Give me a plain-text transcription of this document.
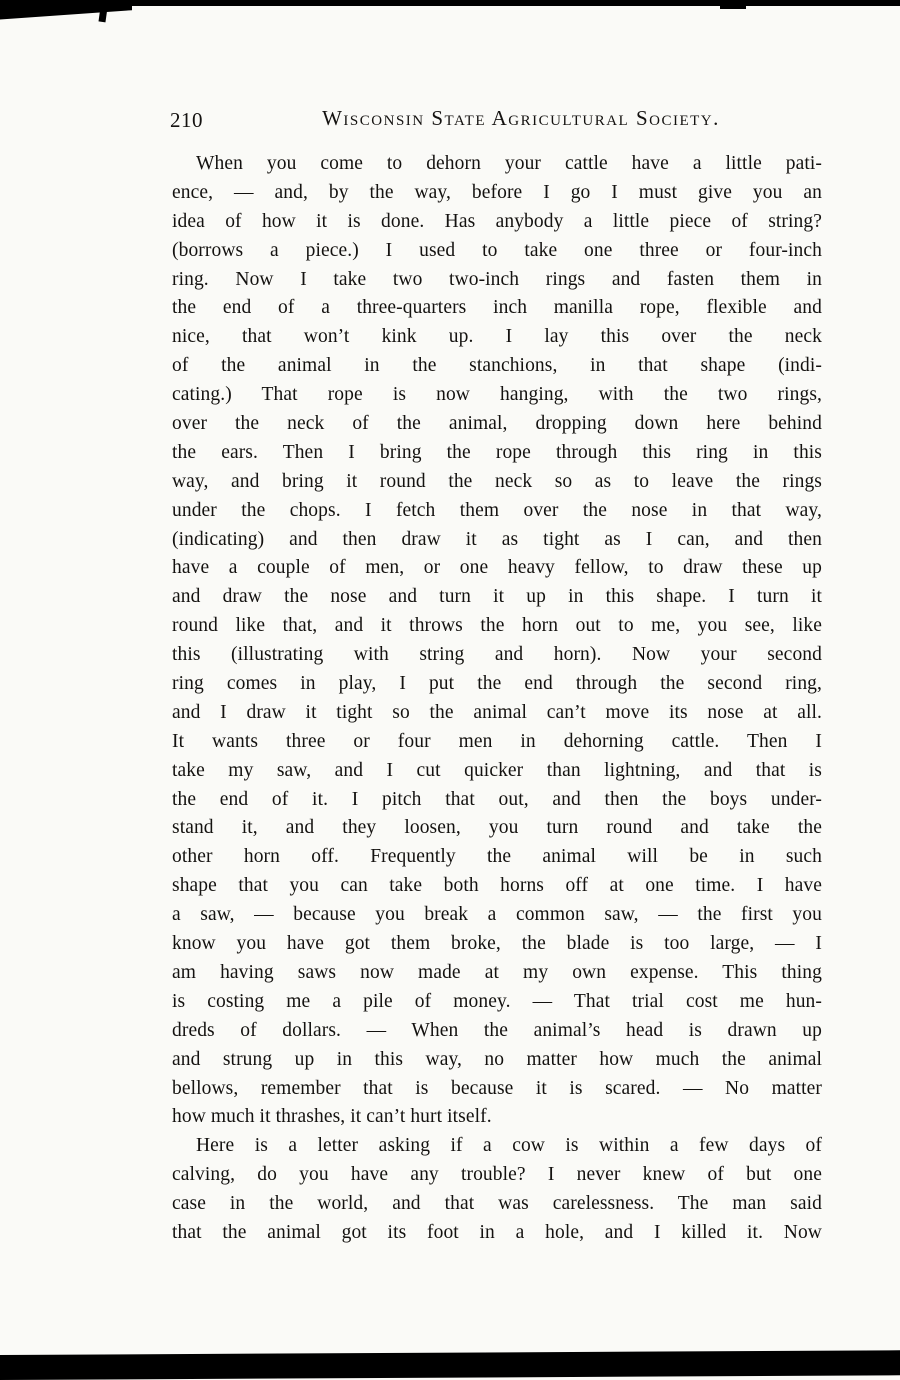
210	Wisconsin State Agricultural Society.
When you come to dehorn your cattle have a little pati-
ence, — and, by the way, before I go I must give you an
idea of how it is done. Has anybody a little piece of string?
(borrows a piece.) I used to take one three or four-inch
ring. Now I take two two-inch rings and fasten them in
the end of a three-quarters inch manilla rope, flexible and
nice, that won’t kink up. I lay this over the neck
of the animal in the stanchions, in that shape (indi-
cating.) That rope is now hanging, with the two rings,
over the neck of the animal, dropping down here behind
the ears. Then I bring the rope through this ring in this
way, and bring it round the neck so as to leave the rings
under the chops. I fetch them over the nose in that way,
(indicating) and then draw it as tight as I can, and then
have a couple of men, or one heavy fellow, to draw these up
and draw the nose and turn it up in this shape. I turn it
round like that, and it throws the horn out to me, you see, like
this (illustrating with string and horn). Now your second
ring comes in play, I put the end through the second ring,
and I draw it tight so the animal can’t move its nose at all.
It wants three or four men in dehorning cattle. Then I
take my saw, and I cut quicker than lightning, and that is
the end of it. I pitch that out, and then the boys under-
stand it, and they loosen, you turn round and take the
other horn off. Frequently the animal will be in such
shape that you can take both horns off at one time. I have
a saw, — because you break a common saw, — the first you
know you have got them broke, the blade is too large, — I
am having saws now made at my own expense. This thing
is costing me a pile of money. — That trial cost me hun-
dreds of dollars. — When the animal’s head is drawn up
and strung up in this way, no matter how much the animal
bellows, remember that is because it is scared. — No matter
how much it thrashes, it can’t hurt itself.
Here is a letter asking if a cow is within a few days of
calving, do you have any trouble? I never knew of but one
case in the world, and that was carelessness. The man said
that the animal got its foot in a hole, and I killed it. Now
